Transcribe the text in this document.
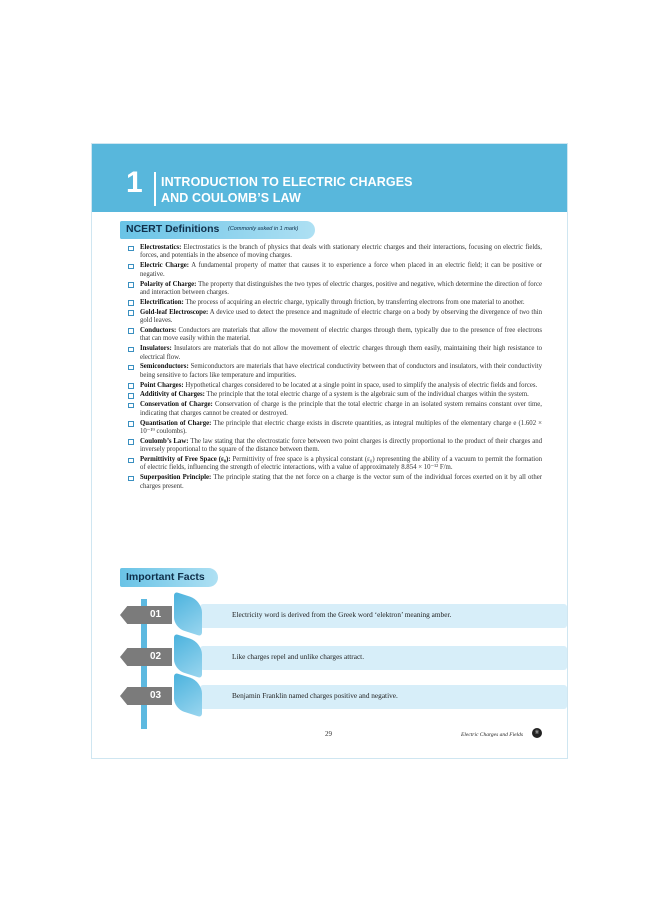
1 INTRODUCTION TO ELECTRIC CHARGES
AND COULOMB’S LAW
NCERT Definitions (Commonly asked in 1 mark)
Electrostatics: Electrostatics is the branch of physics that deals with stationary electric charges and their interactions, focusing on electric fields, forces, and potentials in the absence of moving charges.
Electric Charge: A fundamental property of matter that causes it to experience a force when placed in an electric field; it can be positive or negative.
Polarity of Charge: The property that distinguishes the two types of electric charges, positive and negative, which determine the direction of force and interaction between charges.
Electrification: The process of acquiring an electric charge, typically through friction, by transferring electrons from one material to another.
Gold-leaf Electroscope: A device used to detect the presence and magnitude of electric charge on a body by observing the divergence of two thin gold leaves.
Conductors: Conductors are materials that allow the movement of electric charges through them, typically due to the presence of free electrons that can move easily within the material.
Insulators: Insulators are materials that do not allow the movement of electric charges through them easily, maintaining their high resistance to electrical flow.
Semiconductors: Semiconductors are materials that have electrical conductivity between that of conductors and insulators, with their conductivity being sensitive to factors like temperature and impurities.
Point Charges: Hypothetical charges considered to be located at a single point in space, used to simplify the analysis of electric fields and forces.
Additivity of Charges: The principle that the total electric charge of a system is the algebraic sum of the individual charges within the system.
Conservation of Charge: Conservation of charge is the principle that the total electric charge in an isolated system remains constant over time, indicating that charges cannot be created or destroyed.
Quantisation of Charge: The principle that electric charge exists in discrete quantities, as integral multiples of the elementary charge e (1.602 × 10⁻¹⁹ coulombs).
Coulomb’s Law: The law stating that the electrostatic force between two point charges is directly proportional to the product of their charges and inversely proportional to the square of the distance between them.
Permittivity of Free Space (ε₀): Permittivity of free space is a physical constant (ε₀) representing the ability of a vacuum to permit the formation of electric fields, influencing the strength of electric interactions, with a value of approximately 8.854 × 10⁻¹² F/m.
Superposition Principle: The principle stating that the net force on a charge is the vector sum of the individual forces exerted on it by all other charges present.
Important Facts
01	Electricity word is derived from the Greek word ‘elektron’ meaning amber.
02	Like charges repel and unlike charges attract.
03	Benjamin Franklin named charges positive and negative.
29	Electric Charges and Fields	⚛
